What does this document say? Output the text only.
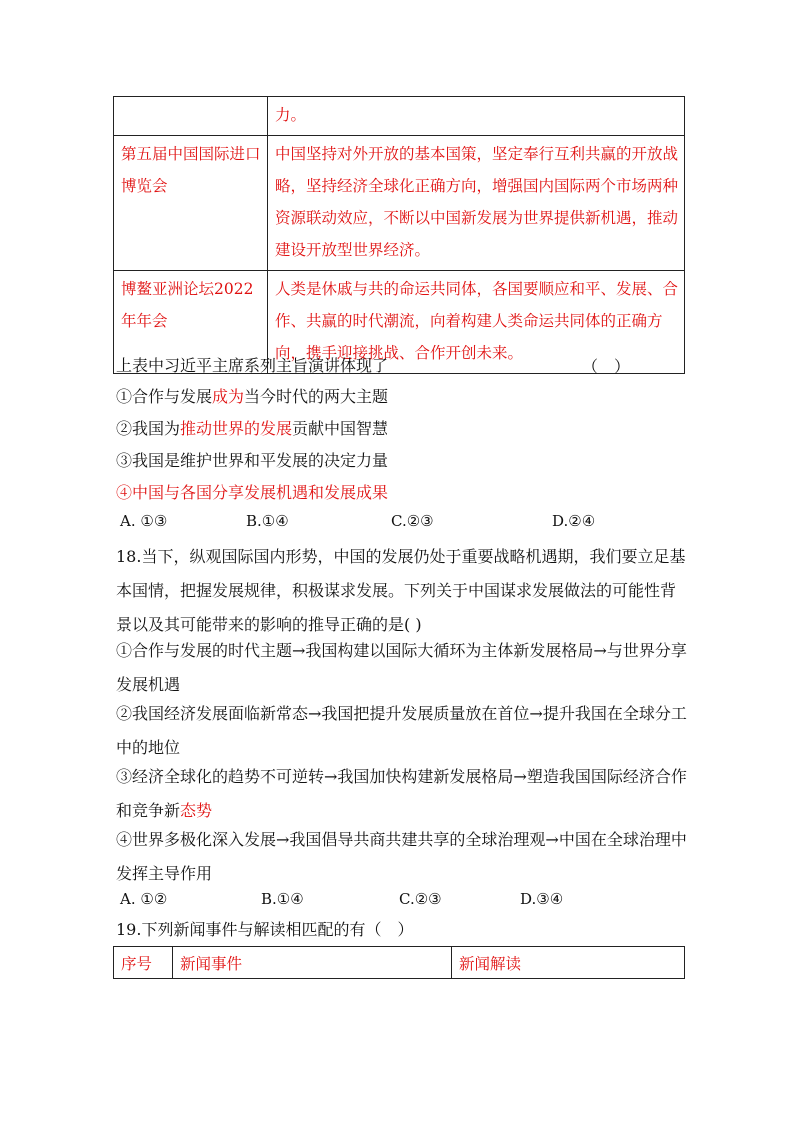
	力。
第五届中国国际进口博览会	中国坚持对外开放的基本国策，坚定奉行互利共赢的开放战略，坚持经济全球化正确方向，增强国内国际两个市场两种资源联动效应，不断以中国新发展为世界提供新机遇，推动建设开放型世界经济。
博鳌亚洲论坛2022年年会	人类是休戚与共的命运共同体，各国要顺应和平、发展、合作、共赢的时代潮流，向着构建人类命运共同体的正确方向，携手迎接挑战、合作开创未来。
上表中习近平主席系列主旨演讲体现了	（　）
①合作与发展成为当今时代的两大主题
②我国为推动世界的发展贡献中国智慧
③我国是维护世界和平发展的决定力量
④中国与各国分享发展机遇和发展成果
A. ①③	B.①④	C.②③	D.②④
18.当下，纵观国际国内形势，中国的发展仍处于重要战略机遇期，我们要立足基本国情，把握发展规律，积极谋求发展。下列关于中国谋求发展做法的可能性背景以及其可能带来的影响的推导正确的是( )
①合作与发展的时代主题→我国构建以国际大循环为主体新发展格局→与世界分享发展机遇
②我国经济发展面临新常态→我国把提升发展质量放在首位→提升我国在全球分工中的地位
③经济全球化的趋势不可逆转→我国加快构建新发展格局→塑造我国国际经济合作和竞争新态势
④世界多极化深入发展→我国倡导共商共建共享的全球治理观→中国在全球治理中发挥主导作用
A. ①②	B.①④	C.②③	D.③④
19.下列新闻事件与解读相匹配的有（　）
序号	新闻事件	新闻解读
